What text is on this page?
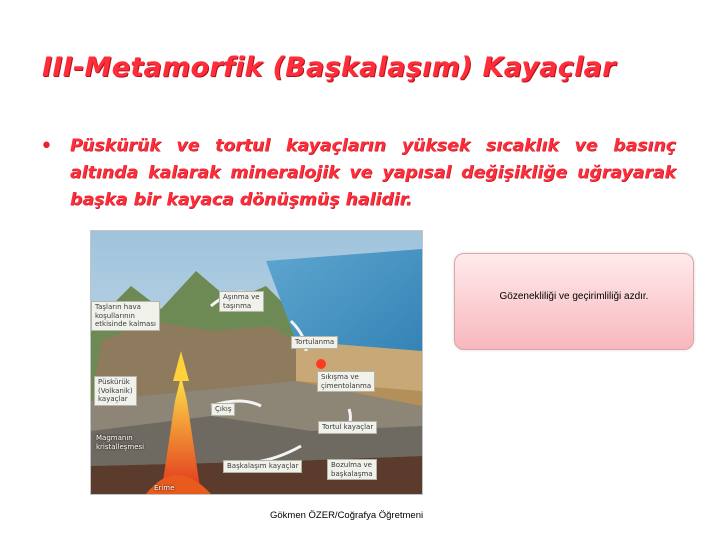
III-Metamorfik (Başkalaşım) Kayaçlar
• Püskürük ve tortul kayaçların yüksek sıcaklık ve basınç altında kalarak mineralojik ve yapısal değişikliğe uğrayarak başka bir kayaca dönüşmüş halidir.
Aşınma ve
taşınma
Taşların hava
koşullarının
etkisinde kalması
Tortulanma
Püskürük
(Volkanik)
kayaçlar
Sıkışma ve
çimentolanma
Çıkış
Tortul kayaçlar
Magmanın
kristalleşmesi
Başkalaşım kayaçlar	Bozulma ve
başkalaşma
Erime
Gözenekliliği ve geçirimliliği azdır.
Gökmen ÖZER/Coğrafya Öğretmeni
